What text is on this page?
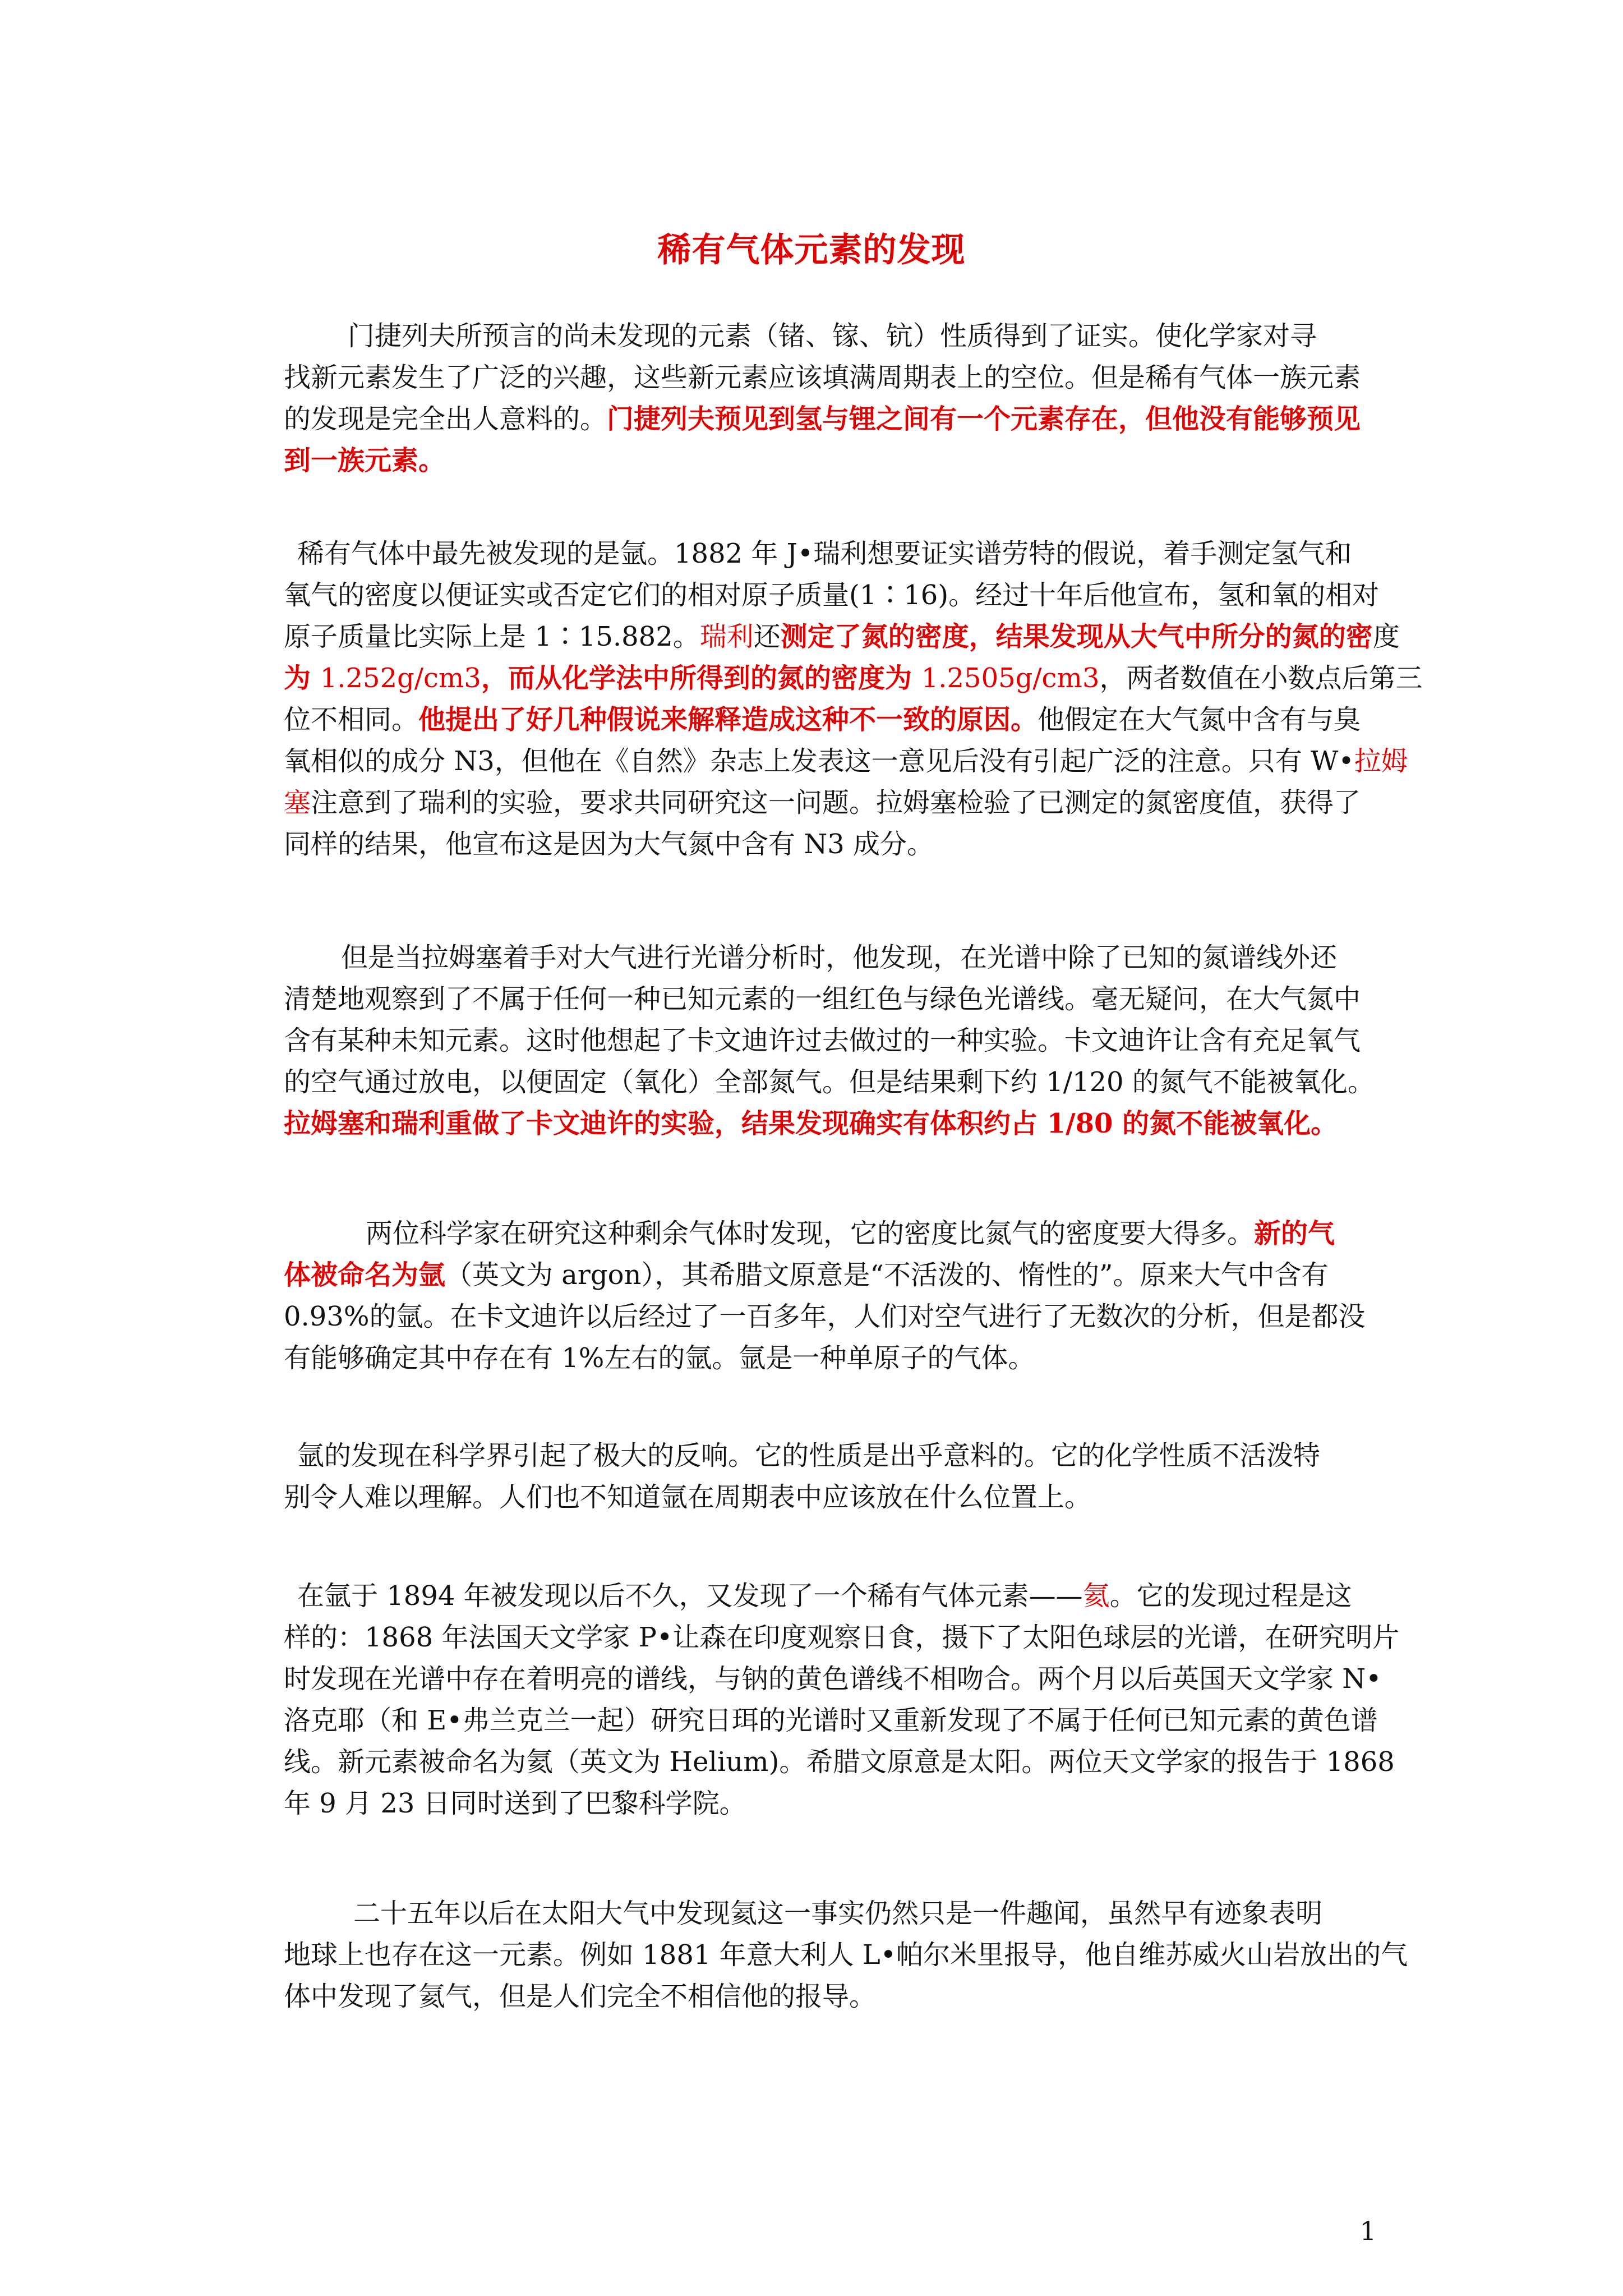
稀有气体元素的发现
门捷列夫所预言的尚未发现的元素（锗、镓、钪）性质得到了证实。使化学家对寻
找新元素发生了广泛的兴趣，这些新元素应该填满周期表上的空位。但是稀有气体一族元素
的发现是完全出人意料的。门捷列夫预见到氢与锂之间有一个元素存在，但他没有能够预见
到一族元素。
稀有气体中最先被发现的是氩。1882 年 J•瑞利想要证实谱劳特的假说，着手测定氢气和
氧气的密度以便证实或否定它们的相对原子质量(1∶16)。经过十年后他宣布，氢和氧的相对
原子质量比实际上是 1∶15.882。瑞利还测定了氮的密度，结果发现从大气中所分的氮的密度
为 1.252g/cm3，而从化学法中所得到的氮的密度为 1.2505g/cm3，两者数值在小数点后第三
位不相同。他提出了好几种假说来解释造成这种不一致的原因。他假定在大气氮中含有与臭
氧相似的成分 N3，但他在《自然》杂志上发表这一意见后没有引起广泛的注意。只有 W•拉姆
塞注意到了瑞利的实验，要求共同研究这一问题。拉姆塞检验了已测定的氮密度值，获得了
同样的结果，他宣布这是因为大气氮中含有 N3 成分。
但是当拉姆塞着手对大气进行光谱分析时，他发现，在光谱中除了已知的氮谱线外还
清楚地观察到了不属于任何一种已知元素的一组红色与绿色光谱线。毫无疑问，在大气氮中
含有某种未知元素。这时他想起了卡文迪许过去做过的一种实验。卡文迪许让含有充足氧气
的空气通过放电，以便固定（氧化）全部氮气。但是结果剩下约 1/120 的氮气不能被氧化。
拉姆塞和瑞利重做了卡文迪许的实验，结果发现确实有体积约占 1/80 的氮不能被氧化。
两位科学家在研究这种剩余气体时发现，它的密度比氮气的密度要大得多。新的气
体被命名为氩（英文为 argon），其希腊文原意是“不活泼的、惰性的”。原来大气中含有
0.93%的氩。在卡文迪许以后经过了一百多年，人们对空气进行了无数次的分析，但是都没
有能够确定其中存在有 1%左右的氩。氩是一种单原子的气体。
氩的发现在科学界引起了极大的反响。它的性质是出乎意料的。它的化学性质不活泼特
别令人难以理解。人们也不知道氩在周期表中应该放在什么位置上。
在氩于 1894 年被发现以后不久，又发现了一个稀有气体元素——氦。它的发现过程是这
样的：1868 年法国天文学家 P•让森在印度观察日食，摄下了太阳色球层的光谱，在研究明片
时发现在光谱中存在着明亮的谱线，与钠的黄色谱线不相吻合。两个月以后英国天文学家 N•
洛克耶（和 E•弗兰克兰一起）研究日珥的光谱时又重新发现了不属于任何已知元素的黄色谱
线。新元素被命名为氦（英文为 Helium)。希腊文原意是太阳。两位天文学家的报告于 1868
年 9 月 23 日同时送到了巴黎科学院。
二十五年以后在太阳大气中发现氦这一事实仍然只是一件趣闻，虽然早有迹象表明
地球上也存在这一元素。例如 1881 年意大利人 L•帕尔米里报导，他自维苏威火山岩放出的气
体中发现了氦气，但是人们完全不相信他的报导。
1
